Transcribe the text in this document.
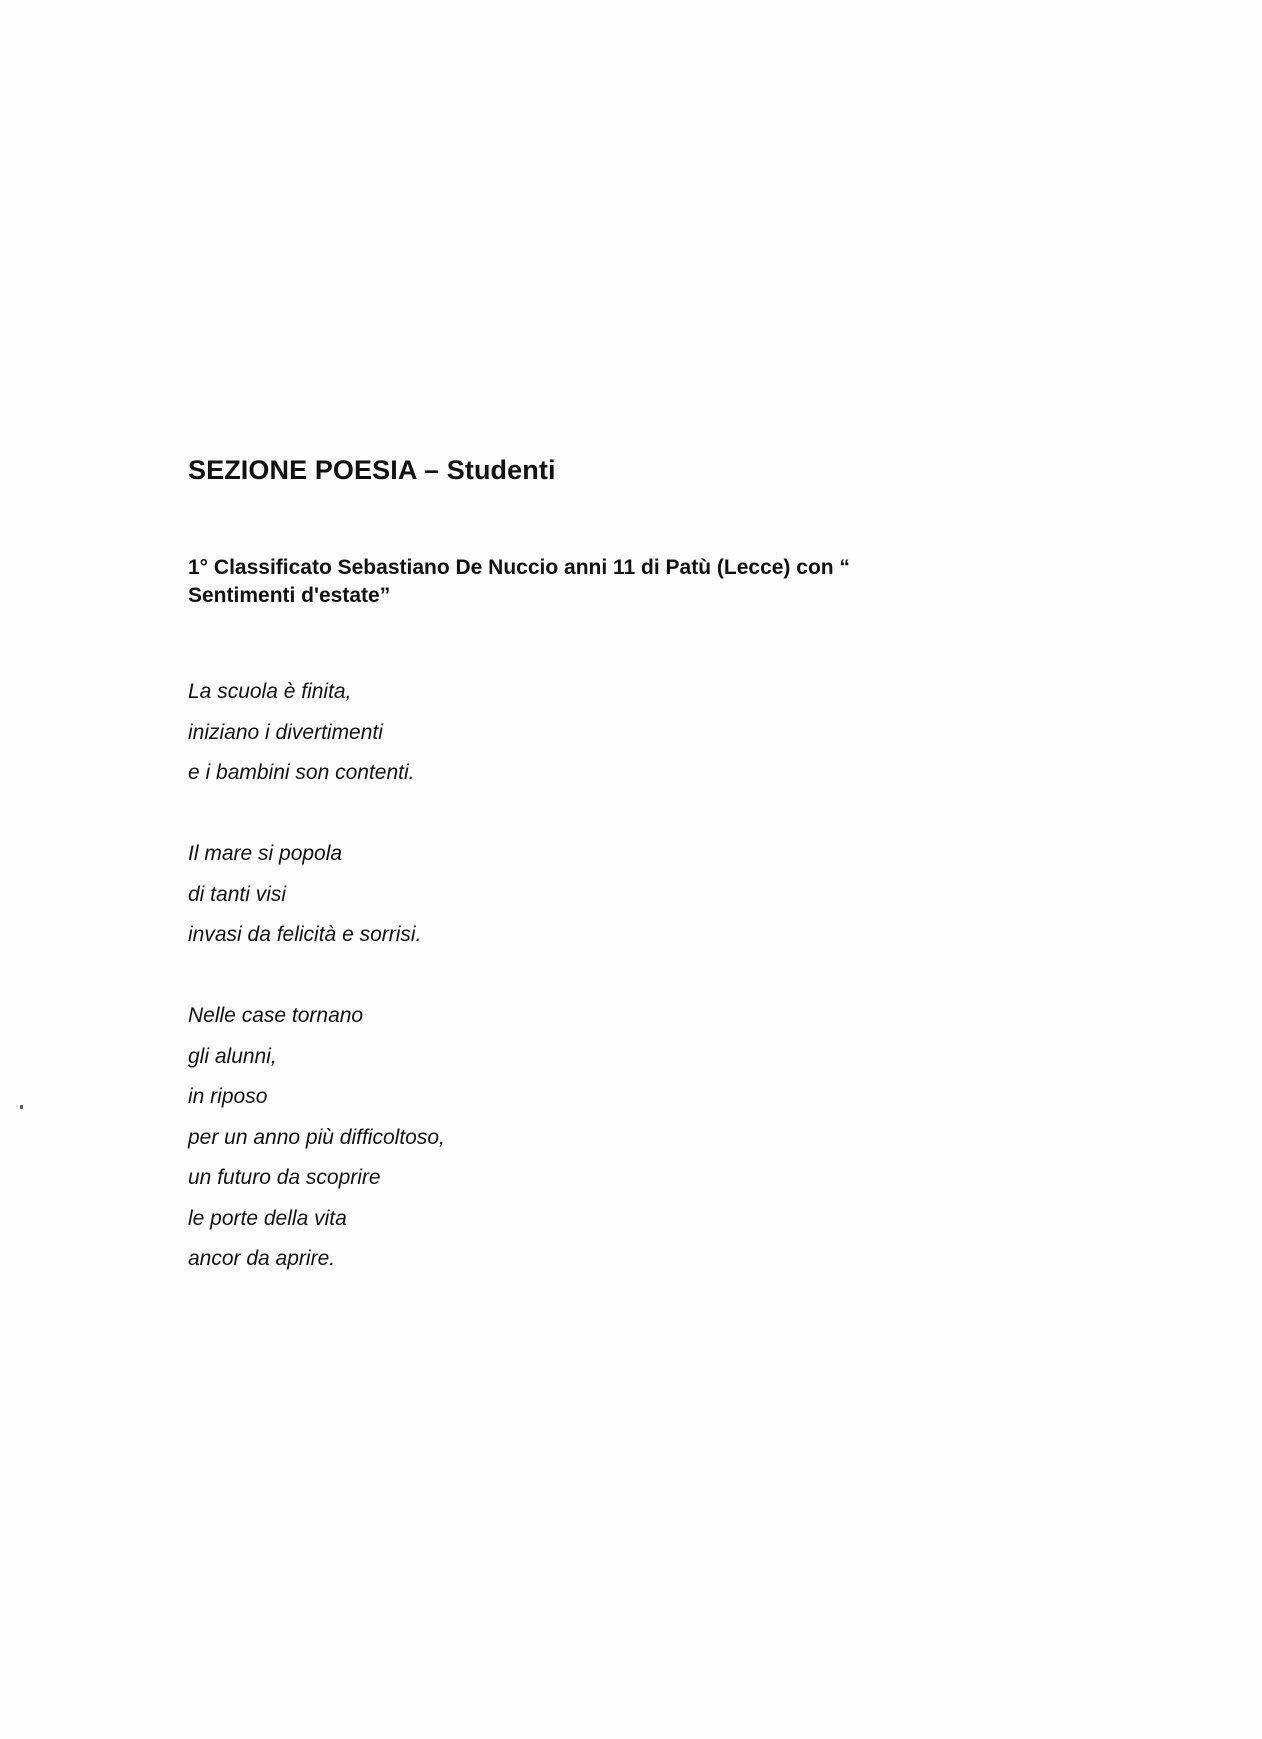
SEZIONE POESIA – Studenti

1° Classificato Sebastiano De Nuccio anni 11 di Patù (Lecce) con “
Sentimenti d'estate”

La scuola è finita,
iniziano i divertimenti
e i bambini son contenti.
Il mare si popola
di tanti visi
invasi da felicità e sorrisi.
Nelle case tornano
gli alunni,
in riposo
per un anno più difficoltoso,
un futuro da scoprire
le porte della vita
ancor da aprire.
